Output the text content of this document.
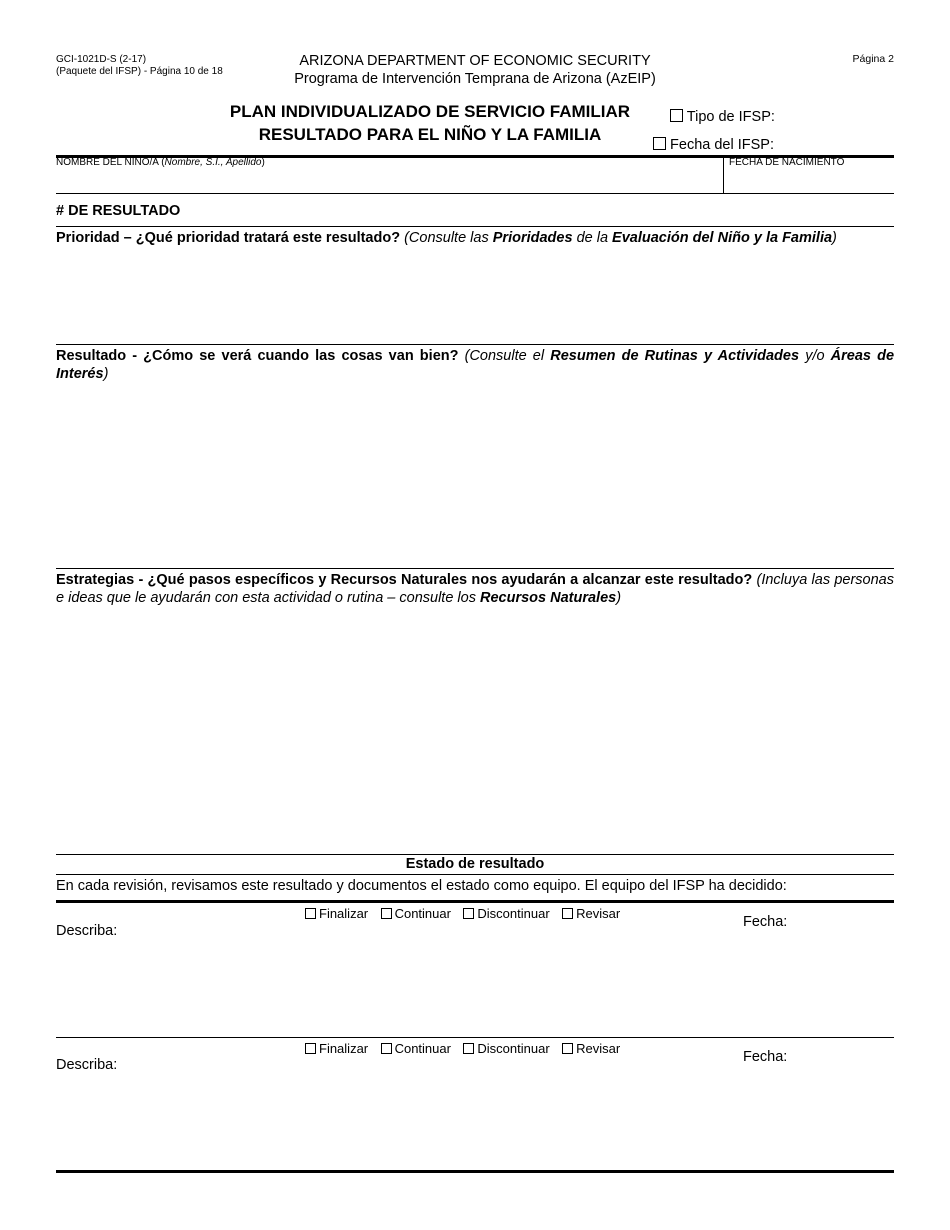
GCI-1021D-S (2-17)
(Paquete del IFSP) - Página 10 de 18
ARIZONA DEPARTMENT OF ECONOMIC SECURITY
Programa de Intervención Temprana de Arizona (AzEIP)
Página 2
PLAN INDIVIDUALIZADO DE SERVICIO FAMILIAR
RESULTADO PARA EL NIÑO Y LA FAMILIA
Tipo de IFSP:
Fecha del IFSP:
NOMBRE DEL NIÑO/A (Nombre, S.I., Apellido)	FECHA DE NACIMIENTO
# DE RESULTADO
Prioridad – ¿Qué prioridad tratará este resultado? (Consulte las Prioridades de la Evaluación del Niño y la Familia)
Resultado - ¿Cómo se verá cuando las cosas van bien? (Consulte el Resumen de Rutinas y Actividades y/o Áreas de Interés)
Estrategias - ¿Qué pasos específicos y Recursos Naturales nos ayudarán a alcanzar este resultado? (Incluya las personas e ideas que le ayudarán con esta actividad o rutina – consulte los Recursos Naturales)
Estado de resultado
En cada revisión, revisamos este resultado y documentos el estado como equipo. El equipo del IFSP ha decidido:
Finalizar Continuar Discontinuar Revisar
Fecha:
Describa:
Finalizar Continuar Discontinuar Revisar
Fecha:
Describa:
